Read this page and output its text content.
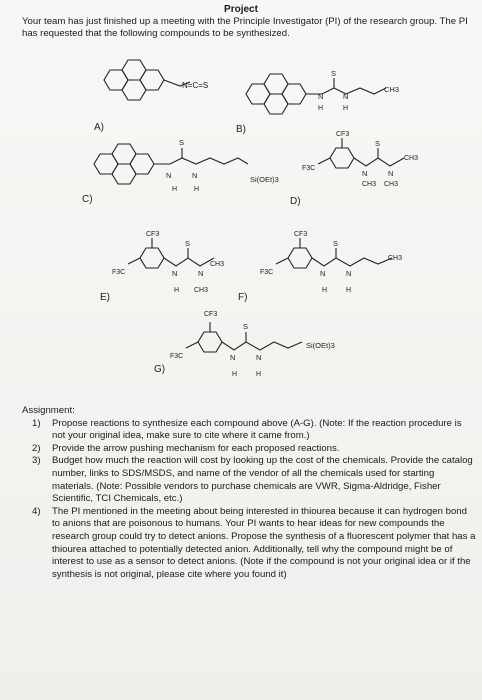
Project
Your team has just finished up a meeting with the Principle Investigator (PI) of the research group. The PI has requested that the following compounds to be synthesized.
N=C=S
A)
S
N	N
H	H
CH3
B)
S
N	N
H H
Si(OEt)3
C)
CF3
F3C
S
N	N
CH3
CH3 CH3
D)
CF3
F3C
S
N	N
H CH3
CH3
E)
CF3
F3C
S
N	N
H	H
CH3
F)
CF3
F3C
S
N	N
H	H
Si(OEt)3
G)
Assignment:
1) Propose reactions to synthesize each compound above (A-G). (Note: If the reaction procedure is not your original idea, make sure to cite where it came from.)
2) Provide the arrow pushing mechanism for each proposed reactions.
3) Budget how much the reaction will cost by looking up the cost of the chemicals. Provide the catalog number, links to SDS/MSDS, and name of the vendor of all the chemicals used for starting materials. (Note: Possible vendors to purchase chemicals are VWR, Sigma-Aldridge, Fisher Scientific, TCI Chemicals, etc.)
4) The PI mentioned in the meeting about being interested in thiourea because it can hydrogen bond to anions that are poisonous to humans. Your PI wants to hear ideas for new compounds the research group could try to detect anions. Propose the synthesis of a fluorescent polymer that has a thiourea attached to potentially detected anion. Additionally, tell why the compound might be of interest to use as a sensor to detect anions. (Note if the compound is not your original idea or if the synthesis is not original, please cite where you found it)
